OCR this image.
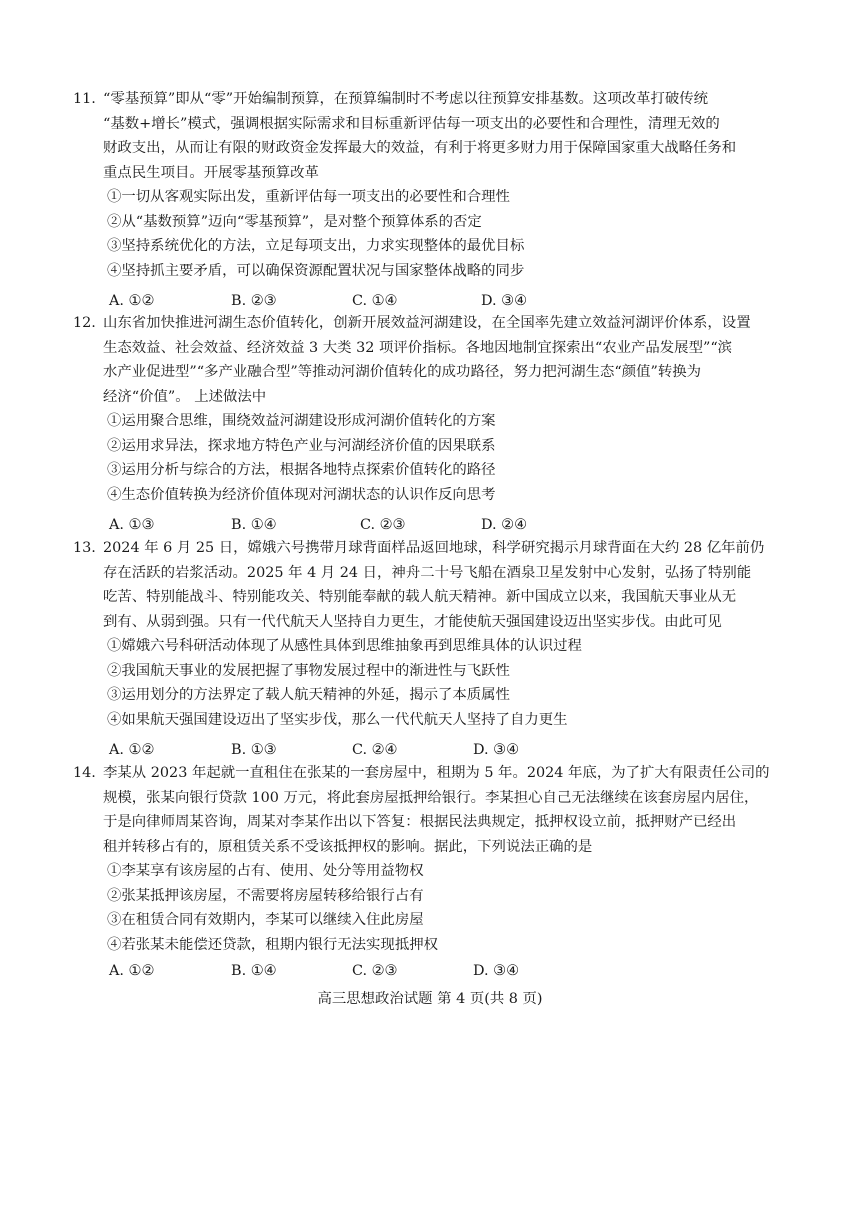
11. “零基预算”即从“零”开始编制预算，在预算编制时不考虑以往预算安排基数。这项改革打破传统
“基数+增长”模式，强调根据实际需求和目标重新评估每一项支出的必要性和合理性，清理无效的
财政支出，从而让有限的财政资金发挥最大的效益，有利于将更多财力用于保障国家重大战略任务和
重点民生项目。开展零基预算改革
①一切从客观实际出发，重新评估每一项支出的必要性和合理性
②从“基数预算”迈向“零基预算”，是对整个预算体系的否定
③坚持系统优化的方法，立足每项支出，力求实现整体的最优目标
④坚持抓主要矛盾，可以确保资源配置状况与国家整体战略的同步
A. ①②	B. ②③	C. ①④	D. ③④
12. 山东省加快推进河湖生态价值转化，创新开展效益河湖建设，在全国率先建立效益河湖评价体系，设置
生态效益、社会效益、经济效益 3 大类 32 项评价指标。各地因地制宜探索出“农业产品发展型”“滨
水产业促进型”“多产业融合型”等推动河湖价值转化的成功路径，努力把河湖生态“颜值”转换为
经济“价值”。 上述做法中
①运用聚合思维，围绕效益河湖建设形成河湖价值转化的方案
②运用求异法，探求地方特色产业与河湖经济价值的因果联系
③运用分析与综合的方法，根据各地特点探索价值转化的路径
④生态价值转换为经济价值体现对河湖状态的认识作反向思考
A. ①③	B. ①④	C. ②③	D. ②④
13. 2024 年 6 月 25 日，嫦娥六号携带月球背面样品返回地球，科学研究揭示月球背面在大约 28 亿年前仍
存在活跃的岩浆活动。2025 年 4 月 24 日，神舟二十号飞船在酒泉卫星发射中心发射，弘扬了特别能
吃苦、特别能战斗、特别能攻关、特别能奉献的载人航天精神。新中国成立以来，我国航天事业从无
到有、从弱到强。只有一代代航天人坚持自力更生，才能使航天强国建设迈出坚实步伐。由此可见
①嫦娥六号科研活动体现了从感性具体到思维抽象再到思维具体的认识过程
②我国航天事业的发展把握了事物发展过程中的渐进性与飞跃性
③运用划分的方法界定了载人航天精神的外延，揭示了本质属性
④如果航天强国建设迈出了坚实步伐，那么一代代航天人坚持了自力更生
A. ①②	B. ①③	C. ②④	D. ③④
14. 李某从 2023 年起就一直租住在张某的一套房屋中，租期为 5 年。2024 年底，为了扩大有限责任公司的
规模，张某向银行贷款 100 万元，将此套房屋抵押给银行。李某担心自己无法继续在该套房屋内居住，
于是向律师周某咨询，周某对李某作出以下答复：根据民法典规定，抵押权设立前，抵押财产已经出
租并转移占有的，原租赁关系不受该抵押权的影响。据此，下列说法正确的是
①李某享有该房屋的占有、使用、处分等用益物权
②张某抵押该房屋，不需要将房屋转移给银行占有
③在租赁合同有效期内，李某可以继续入住此房屋
④若张某未能偿还贷款，租期内银行无法实现抵押权
A. ①②	B. ①④	C. ②③	D. ③④
高三思想政治试题 第 4 页(共 8 页)
